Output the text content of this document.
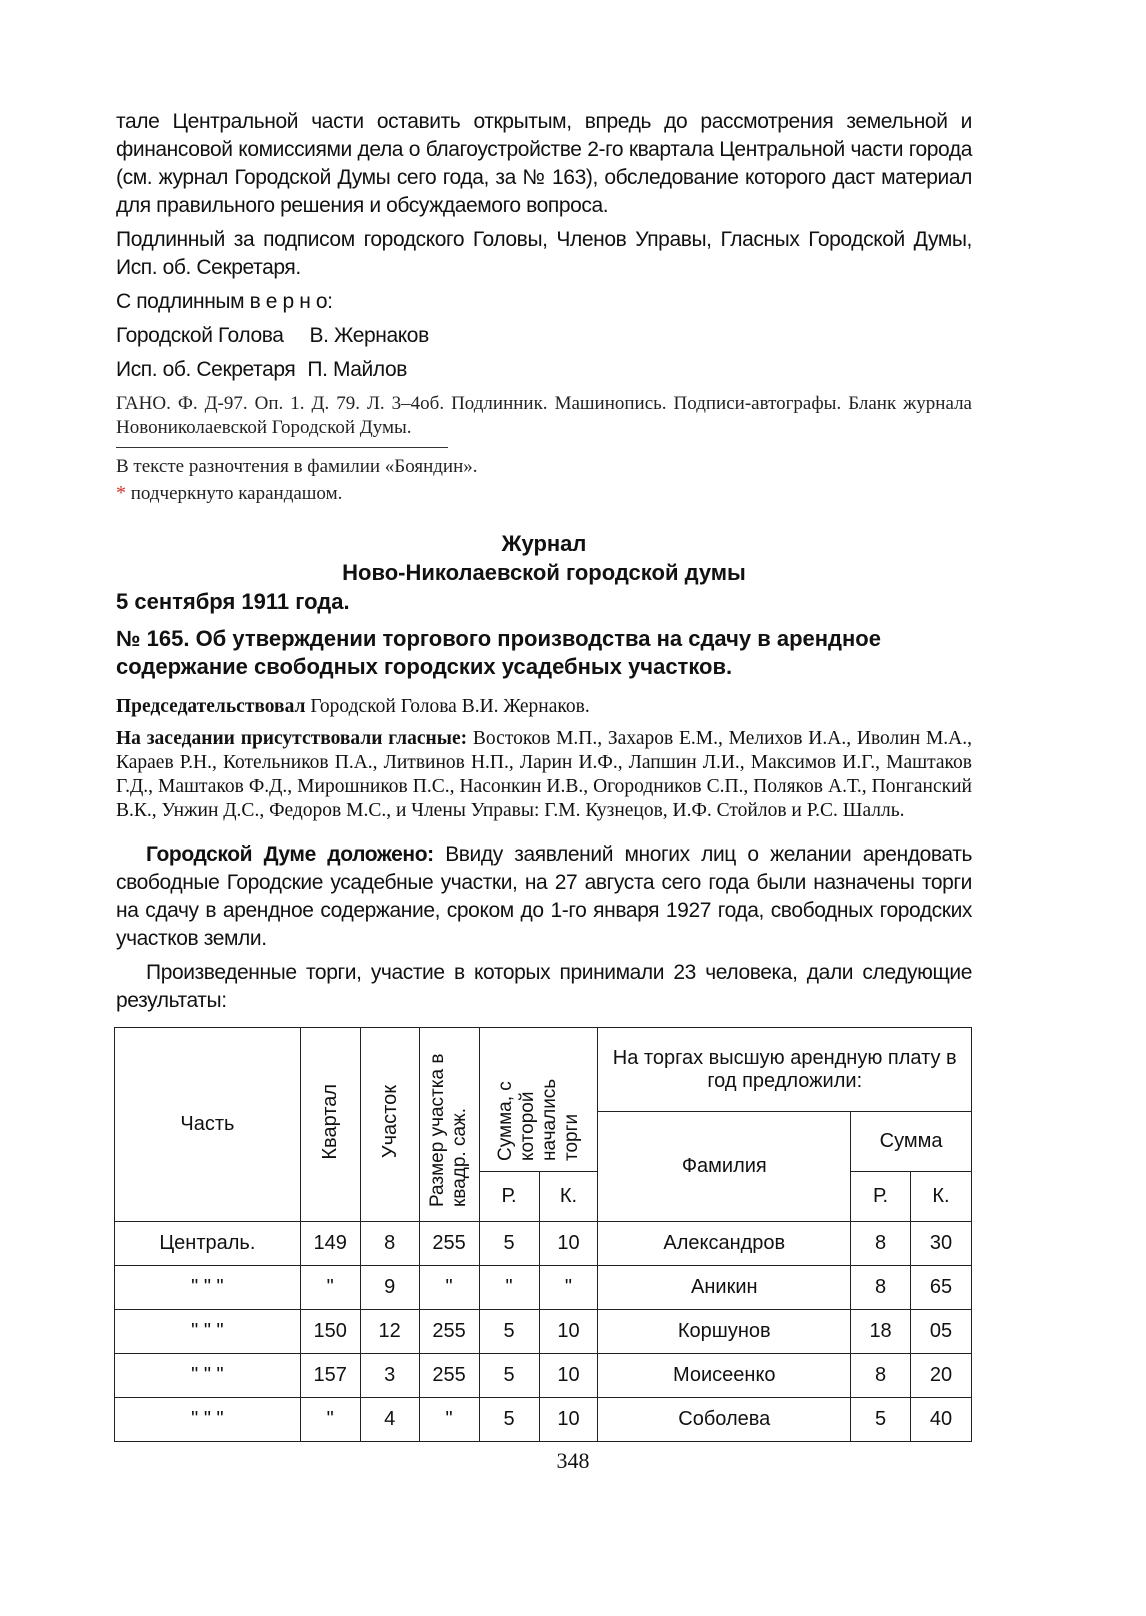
тале Центральной части оставить открытым, впредь до рассмотрения земельной и финансовой комиссиями дела о благоустройстве 2-го квартала Центральной части города (см. журнал Городской Думы сего года, за № 163), обследование которого даст материал для правильного решения и обсуждаемого вопроса.

Подлинный за подписом городского Головы, Членов Управы, Гласных Городской Думы, Исп. об. Секретаря.

С подлинным в е р н о:

Городской Голова В. Жернаков
Исп. об. Секретаря П. Майлов

ГАНО. Ф. Д-97. Оп. 1. Д. 79. Л. 3–4об. Подлинник. Машинопись. Подписи-автографы. Бланк журнала Новониколаевской Городской Думы.

В тексте разночтения в фамилии «Бояндин».

* подчеркнуто карандашом.

Журнал

Ново-Николаевской городской думы

5 сентября 1911 года.

№ 165. Об утверждении торгового производства на сдачу в арендное содержание свободных городских усадебных участков.

Председательствовал Городской Голова В.И. Жернаков.

На заседании присутствовали гласные: Востоков М.П., Захаров Е.М., Мелихов И.А., Иволин М.А., Караев Р.Н., Котельников П.А., Литвинов Н.П., Ларин И.Ф., Лапшин Л.И., Максимов И.Г., Маштаков Г.Д., Маштаков Ф.Д., Мирошников П.С., Насонкин И.В., Огородников С.П., Поляков А.Т., Понганский В.К., Унжин Д.С., Федоров М.С., и Члены Управы: Г.М. Кузнецов, И.Ф. Стойлов и Р.С. Шалль.

Городской Думе доложено: Ввиду заявлений многих лиц о желании арендовать свободные Городские усадебные участки, на 27 августа сего года были назначены торги на сдачу в арендное содержание, сроком до 1-го января 1927 года, свободных городских участков земли.

Произведенные торги, участие в которых принимали 23 человека, дали следующие результаты:

Часть	Квартал	Участок	Размер участка в квадр. саж.	Сумма, с которой начались торги		На торгах высшую арендную плату в год предложили:		
						Фамилия	Сумма	
				Р.	К.		Р.	К.
Централь.	149	8	255	5	10	Александров	8	30
" " "	"	9	"	"	"	Аникин	8	65
" " "	150	12	255	5	10	Коршунов	18	05
" " "	157	3	255	5	10	Моисеенко	8	20
" " "	"	4	"	5	10	Соболева	5	40
348
